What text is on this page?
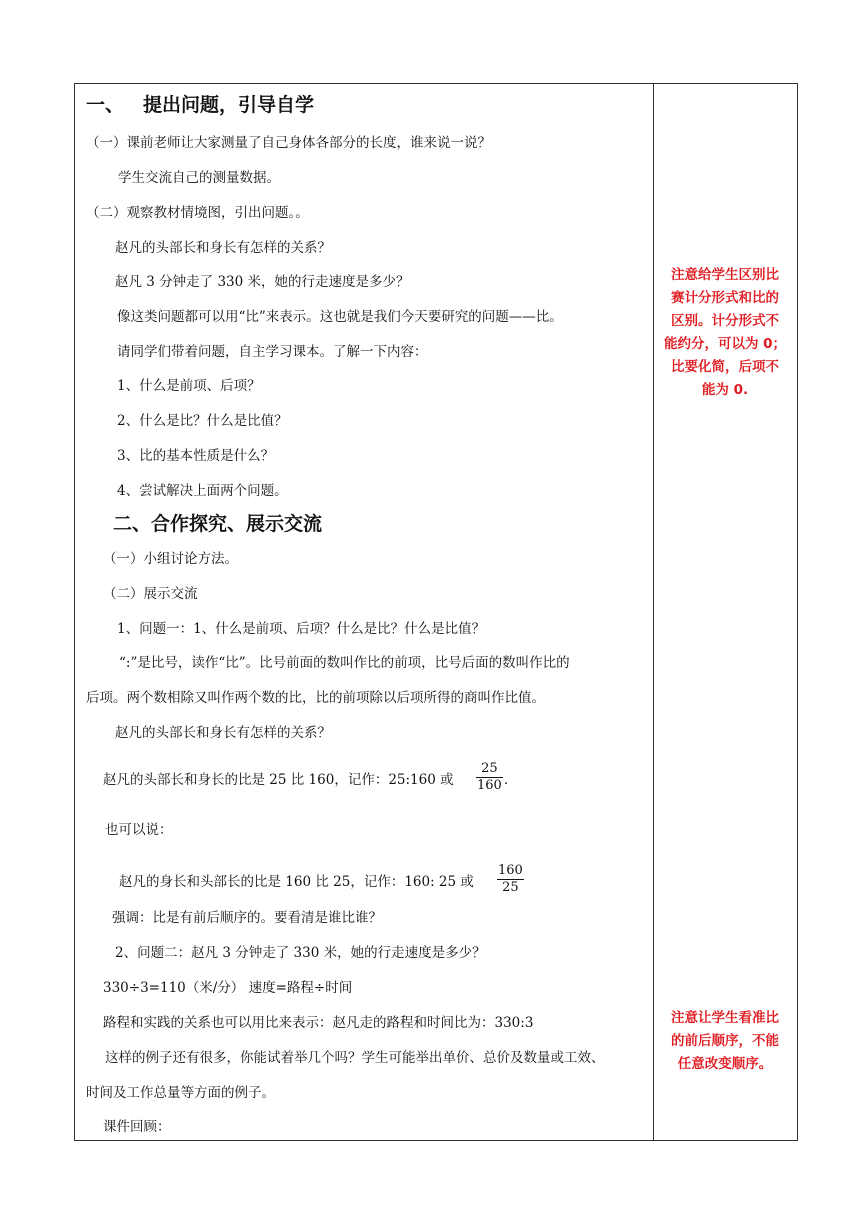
一、 提出问题，引导自学
（一）课前老师让大家测量了自己身体各部分的长度，谁来说一说？
学生交流自己的测量数据。
（二）观察教材情境图，引出问题。。
赵凡的头部长和身长有怎样的关系？
赵凡 3 分钟走了 330 米，她的行走速度是多少？
像这类问题都可以用“比”来表示。这也就是我们今天要研究的问题——比。
请同学们带着问题，自主学习课本。了解一下内容：
1、什么是前项、后项？
2、什么是比？什么是比值？
3、比的基本性质是什么？
4、尝试解决上面两个问题。
二、合作探究、展示交流
（一）小组讨论方法。
（二）展示交流
1、问题一：1、什么是前项、后项？什么是比？什么是比值？
“:”是比号，读作“比”。比号前面的数叫作比的前项，比号后面的数叫作比的
后项。两个数相除又叫作两个数的比，比的前项除以后项所得的商叫作比值。
赵凡的头部长和身长有怎样的关系？
赵凡的头部长和身长的比是 25 比 160，记作：25:160 或 $\frac{25}{160}$ ．
也可以说：
赵凡的身长和头部长的比是 160 比 25，记作：160: 25 或 $\frac{160}{25}$
强调：比是有前后顺序的。要看清是谁比谁？
2、问题二：赵凡 3 分钟走了 330 米，她的行走速度是多少？
330÷3=110（米/分） 速度=路程÷时间
路程和实践的关系也可以用比来表示：赵凡走的路程和时间比为：330:3
这样的例子还有很多，你能试着举几个吗？学生可能举出单价、总价及数量或工效、
时间及工作总量等方面的例子。
课件回顾：
注意给学生区别比
赛计分形式和比的
区别。计分形式不
能约分，可以为 0；
比要化简，后项不
能为 0.
注意让学生看准比
的前后顺序，不能
任意改变顺序。
